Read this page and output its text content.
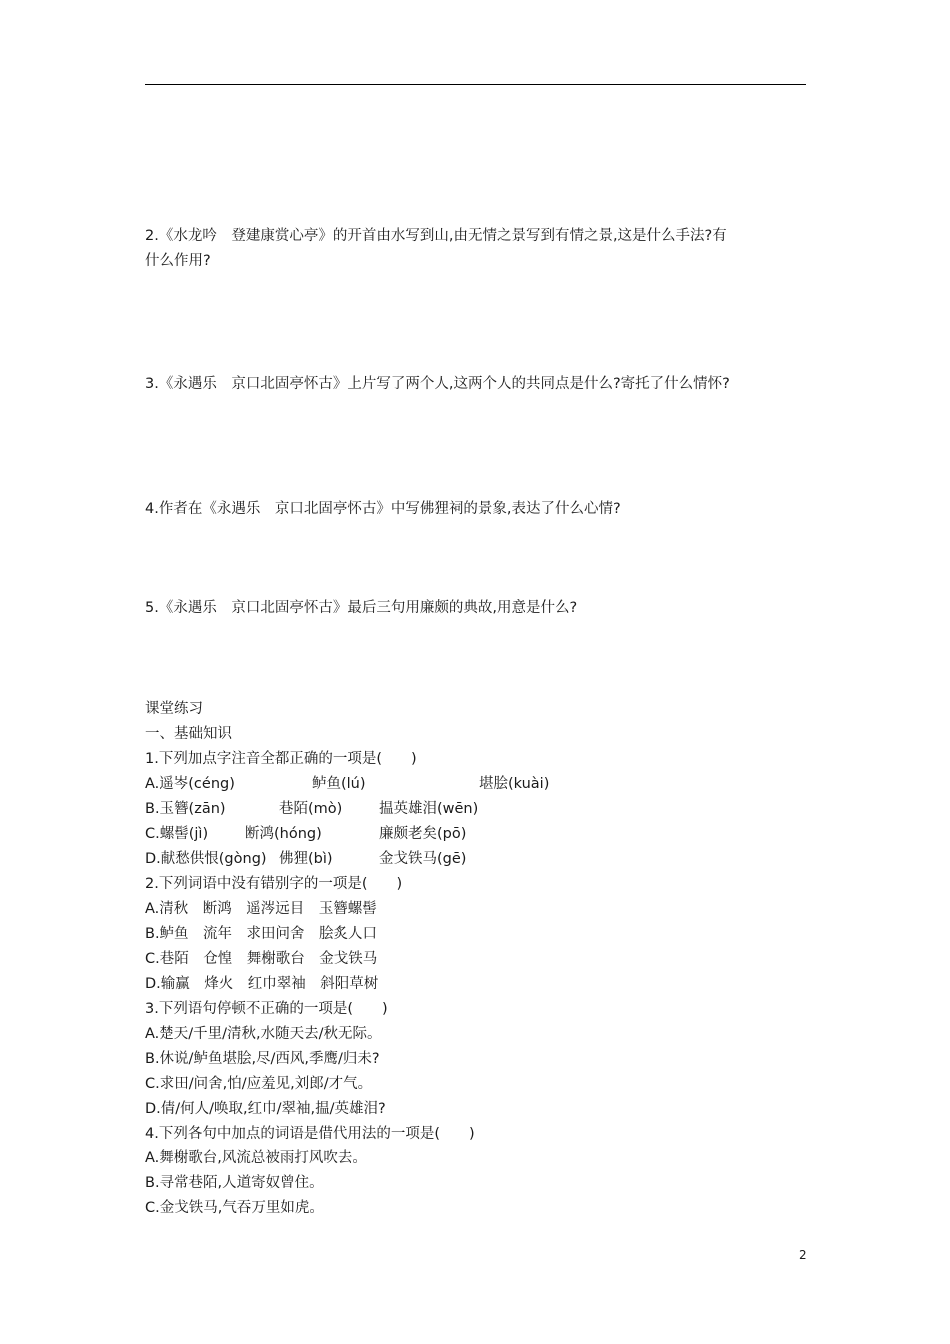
2.《水龙吟　登建康赏心亭》的开首由水写到山,由无情之景写到有情之景,这是什么手法?有
什么作用?
3.《永遇乐　京口北固亭怀古》上片写了两个人,这两个人的共同点是什么?寄托了什么情怀?
4.作者在《永遇乐　京口北固亭怀古》中写佛狸祠的景象,表达了什么心情?
5.《永遇乐　京口北固亭怀古》最后三句用廉颇的典故,用意是什么?
课堂练习
一、基础知识
1.下列加点字注音全都正确的一项是(　　)
A.遥岑(céng)	鲈鱼(lú)	堪脍(kuài)
B.玉簪(zān)	巷陌(mò)	揾英雄泪(wēn)
C.螺髻(jì)	断鸿(hóng)	廉颇老矣(pō)
D.献愁供恨(gòng) 佛狸(bì)	金戈铁马(gē)
2.下列词语中没有错别字的一项是(　　)
A.清秋　断鸿　遥涔远目　玉簪螺髻
B.鲈鱼　流年　求田问舍　脍炙人口
C.巷陌　仓惶　舞榭歌台　金戈铁马
D.输赢　烽火　红巾翠袖　斜阳草树
3.下列语句停顿不正确的一项是(　　)
A.楚天/千里/清秋,水随天去/秋无际。
B.休说/鲈鱼堪脍,尽/西风,季鹰/归未?
C.求田/问舍,怕/应羞见,刘郎/才气。
D.倩/何人/唤取,红巾/翠袖,揾/英雄泪?
4.下列各句中加点的词语是借代用法的一项是(　　)
A.舞榭歌台,风流总被雨打风吹去。
B.寻常巷陌,人道寄奴曾住。
C.金戈铁马,气吞万里如虎。
2
